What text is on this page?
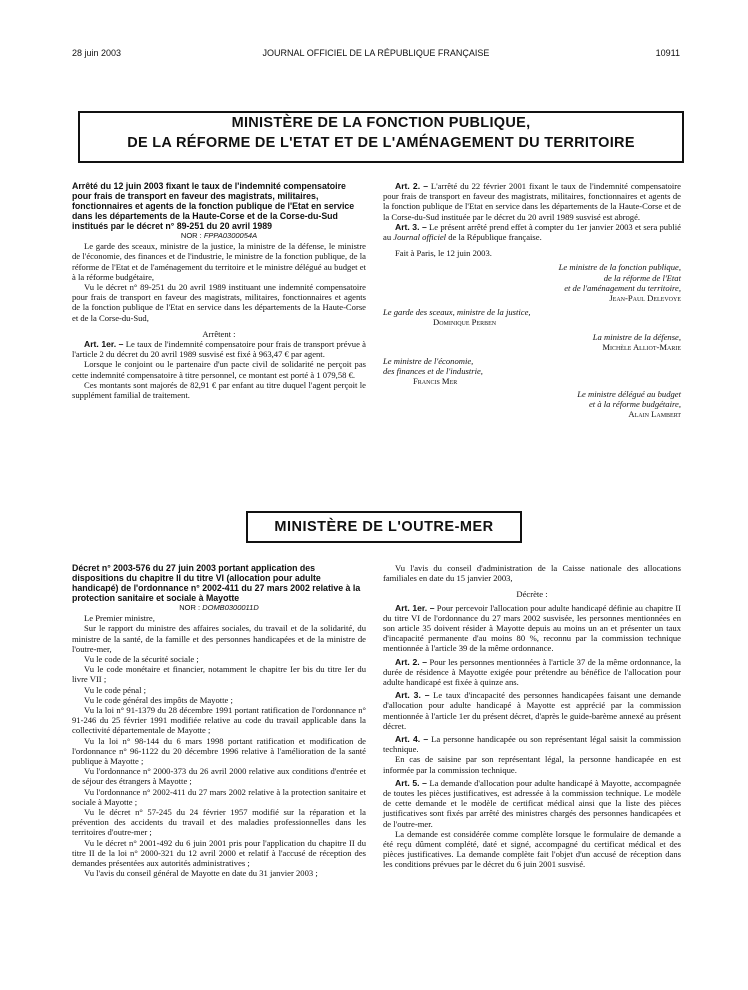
28 juin 2003	JOURNAL OFFICIEL DE LA RÉPUBLIQUE FRANÇAISE	10911
MINISTÈRE DE LA FONCTION PUBLIQUE,
DE LA RÉFORME DE L'ETAT ET DE L'AMÉNAGEMENT DU TERRITOIRE

Arrêté du 12 juin 2003 fixant le taux de l'indemnité compensatoire pour frais de transport en faveur des magistrats, militaires, fonctionnaires et agents de la fonction publique de l'Etat en service dans les départements de la Haute-Corse et de la Corse-du-Sud institués par le décret n° 89-251 du 20 avril 1989

NOR : FPPA0300054A

Le garde des sceaux, ministre de la justice, la ministre de la défense, le ministre de l'économie, des finances et de l'industrie, le ministre de la fonction publique, de la réforme de l'Etat et de l'aménagement du territoire et le ministre délégué au budget et à la réforme budgétaire,

Vu le décret n° 89-251 du 20 avril 1989 instituant une indemnité compensatoire pour frais de transport en faveur des magistrats, militaires, fonctionnaires et agents de la fonction publique de l'Etat en service dans les départements de la Haute-Corse et de la Corse-du-Sud,

Arrêtent :

Art. 1er. – Le taux de l'indemnité compensatoire pour frais de transport prévue à l'article 2 du décret du 20 avril 1989 susvisé est fixé à 963,47 € par agent.

Lorsque le conjoint ou le partenaire d'un pacte civil de solidarité ne perçoit pas cette indemnité compensatoire à titre personnel, ce montant est porté à 1 079,58 €.

Ces montants sont majorés de 82,91 € par enfant au titre duquel l'agent perçoit le supplément familial de traitement.

Art. 2. – L'arrêté du 22 février 2001 fixant le taux de l'indemnité compensatoire pour frais de transport en faveur des magistrats, militaires, fonctionnaires et agents de la fonction publique de l'Etat en service dans les départements de la Haute-Corse et de la Corse-du-Sud instituée par le décret du 20 avril 1989 susvisé est abrogé.

Art. 3. – Le présent arrêté prend effet à compter du 1er janvier 2003 et sera publié au Journal officiel de la République française.

Fait à Paris, le 12 juin 2003.

Le ministre de la fonction publique,
de la réforme de l'Etat
et de l'aménagement du territoire,
Jean-Paul Delevoye

Le garde des sceaux, ministre de la justice,
Dominique Perben

La ministre de la défense,
Michèle Alliot-Marie

Le ministre de l'économie,
des finances et de l'industrie,
Francis Mer

Le ministre délégué au budget
et à la réforme budgétaire,
Alain Lambert

MINISTÈRE DE L'OUTRE-MER

Décret n° 2003-576 du 27 juin 2003 portant application des dispositions du chapitre II du titre VI (allocation pour adulte handicapé) de l'ordonnance n° 2002-411 du 27 mars 2002 relative à la protection sanitaire et sociale à Mayotte

NOR : DOMB0300011D

Le Premier ministre,

Sur le rapport du ministre des affaires sociales, du travail et de la solidarité, du ministre de la santé, de la famille et des personnes handicapées et de la ministre de l'outre-mer,

Vu le code de la sécurité sociale ;

Vu le code monétaire et financier, notamment le chapitre Ier bis du titre Ier du livre VII ;

Vu le code pénal ;

Vu le code général des impôts de Mayotte ;

Vu la loi n° 91-1379 du 28 décembre 1991 portant ratification de l'ordonnance n° 91-246 du 25 février 1991 modifiée relative au code du travail applicable dans la collectivité départementale de Mayotte ;

Vu la loi n° 98-144 du 6 mars 1998 portant ratification et modification de l'ordonnance n° 96-1122 du 20 décembre 1996 relative à l'amélioration de la santé publique à Mayotte ;

Vu l'ordonnance n° 2000-373 du 26 avril 2000 relative aux conditions d'entrée et de séjour des étrangers à Mayotte ;

Vu l'ordonnance n° 2002-411 du 27 mars 2002 relative à la protection sanitaire et sociale à Mayotte ;

Vu le décret n° 57-245 du 24 février 1957 modifié sur la réparation et la prévention des accidents du travail et des maladies professionnelles dans les territoires d'outre-mer ;

Vu le décret n° 2001-492 du 6 juin 2001 pris pour l'application du chapitre II du titre II de la loi n° 2000-321 du 12 avril 2000 et relatif à l'accusé de réception des demandes présentées aux autorités administratives ;

Vu l'avis du conseil général de Mayotte en date du 31 janvier 2003 ;

Vu l'avis du conseil d'administration de la Caisse nationale des allocations familiales en date du 15 janvier 2003,

Décrète :

Art. 1er. – Pour percevoir l'allocation pour adulte handicapé définie au chapitre II du titre VI de l'ordonnance du 27 mars 2002 susvisée, les personnes mentionnées en son article 35 doivent résider à Mayotte depuis au moins un an et présenter un taux d'incapacité permanente d'au moins 80 %, reconnu par la commission technique mentionnée à l'article 39 de la même ordonnance.

Art. 2. – Pour les personnes mentionnées à l'article 37 de la même ordonnance, la durée de résidence à Mayotte exigée pour prétendre au bénéfice de l'allocation pour adulte handicapé est fixée à quinze ans.

Art. 3. – Le taux d'incapacité des personnes handicapées faisant une demande d'allocation pour adulte handicapé à Mayotte est apprécié par la commission mentionnée à l'article 1er du présent décret, d'après le guide-barème annexé au présent décret.

Art. 4. – La personne handicapée ou son représentant légal saisit la commission technique.

En cas de saisine par son représentant légal, la personne handicapée en est informée par la commission technique.

Art. 5. – La demande d'allocation pour adulte handicapé à Mayotte, accompagnée de toutes les pièces justificatives, est adressée à la commission technique. Le modèle de cette demande et le modèle de certificat médical ainsi que la liste des pièces justificatives sont fixés par arrêté des ministres chargés des personnes handicapées et de l'outre-mer.

La demande est considérée comme complète lorsque le formulaire de demande a été reçu dûment complété, daté et signé, accompagné du certificat médical et des pièces justificatives. La demande complète fait l'objet d'un accusé de réception dans les conditions prévues par le décret du 6 juin 2001 susvisé.
